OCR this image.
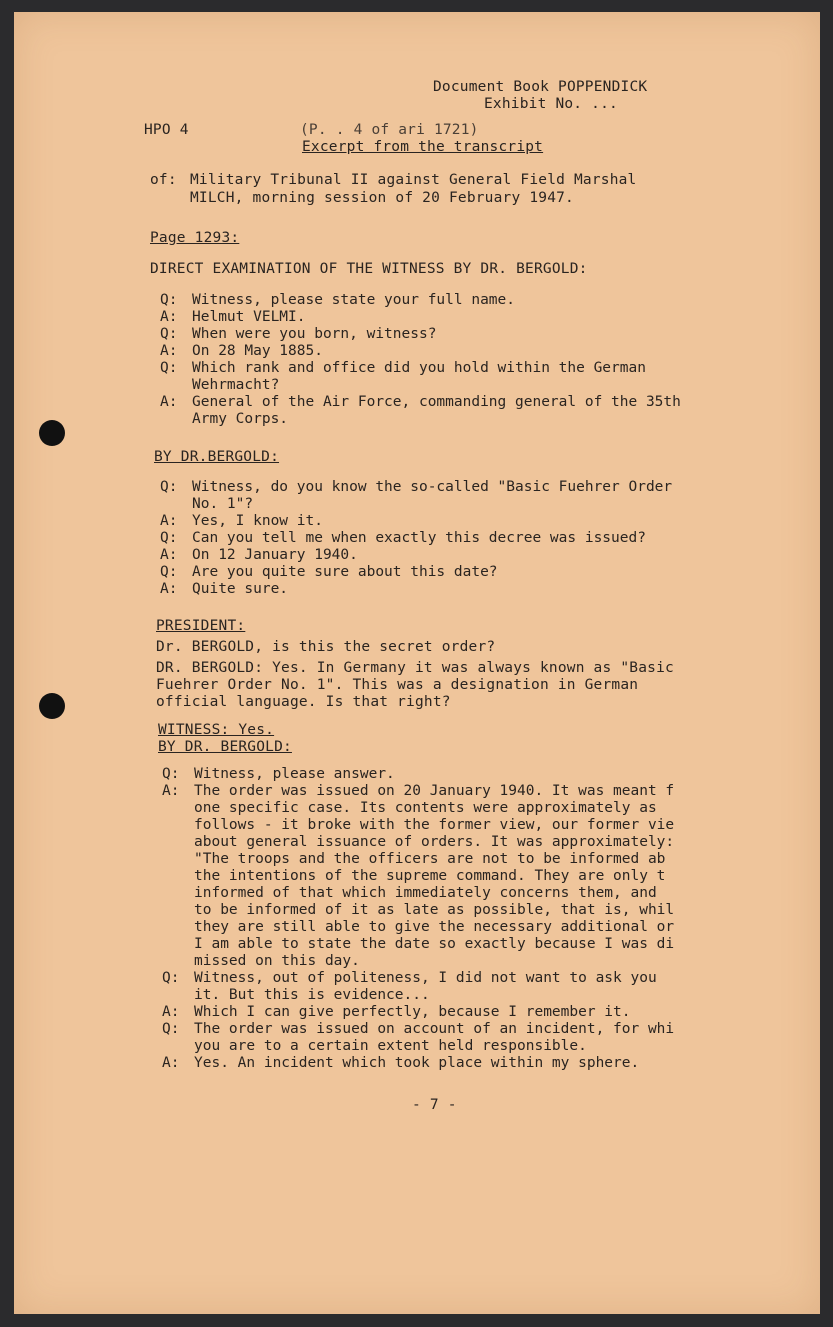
Document Book POPPENDICK
Exhibit No. ...
HPO 4	(P. . 4 of ari 1721)
Excerpt from the transcript
of: Military Tribunal II against General Field Marshal
MILCH, morning session of 20 February 1947.
Page 1293:
DIRECT EXAMINATION OF THE WITNESS BY DR. BERGOLD:
Q:	Witness, please state your full name.
A:	Helmut VELMI.
Q:	When were you born, witness?
A:	On 28 May 1885.
Q:	Which rank and office did you hold within the German
Wehrmacht?
A:	General of the Air Force, commanding general of the 35th
Army Corps.
BY DR.BERGOLD:
Q:	Witness, do you know the so-called "Basic Fuehrer Order
No. 1"?
A:	Yes, I know it.
Q:	Can you tell me when exactly this decree was issued?
A:	On 12 January 1940.
Q:	Are you quite sure about this date?
A:	Quite sure.
PRESIDENT:
Dr. BERGOLD, is this the secret order?
DR. BERGOLD: Yes. In Germany it was always known as "Basic
Fuehrer Order No. 1". This was a designation in German
official language. Is that right?
WITNESS: Yes.
BY DR. BERGOLD:
Q:	Witness, please answer.
A:	The order was issued on 20 January 1940. It was meant f
one specific case. Its contents were approximately as
follows - it broke with the former view, our former vie
about general issuance of orders. It was approximately:
"The troops and the officers are not to be informed ab
the intentions of the supreme command. They are only t
informed of that which immediately concerns them, and
to be informed of it as late as possible, that is, whil
they are still able to give the necessary additional or
I am able to state the date so exactly because I was di
missed on this day.
Q:	Witness, out of politeness, I did not want to ask you
it. But this is evidence...
A:	Which I can give perfectly, because I remember it.
Q:	The order was issued on account of an incident, for whi
you are to a certain extent held responsible.
A:	Yes. An incident which took place within my sphere.
- 7 -
